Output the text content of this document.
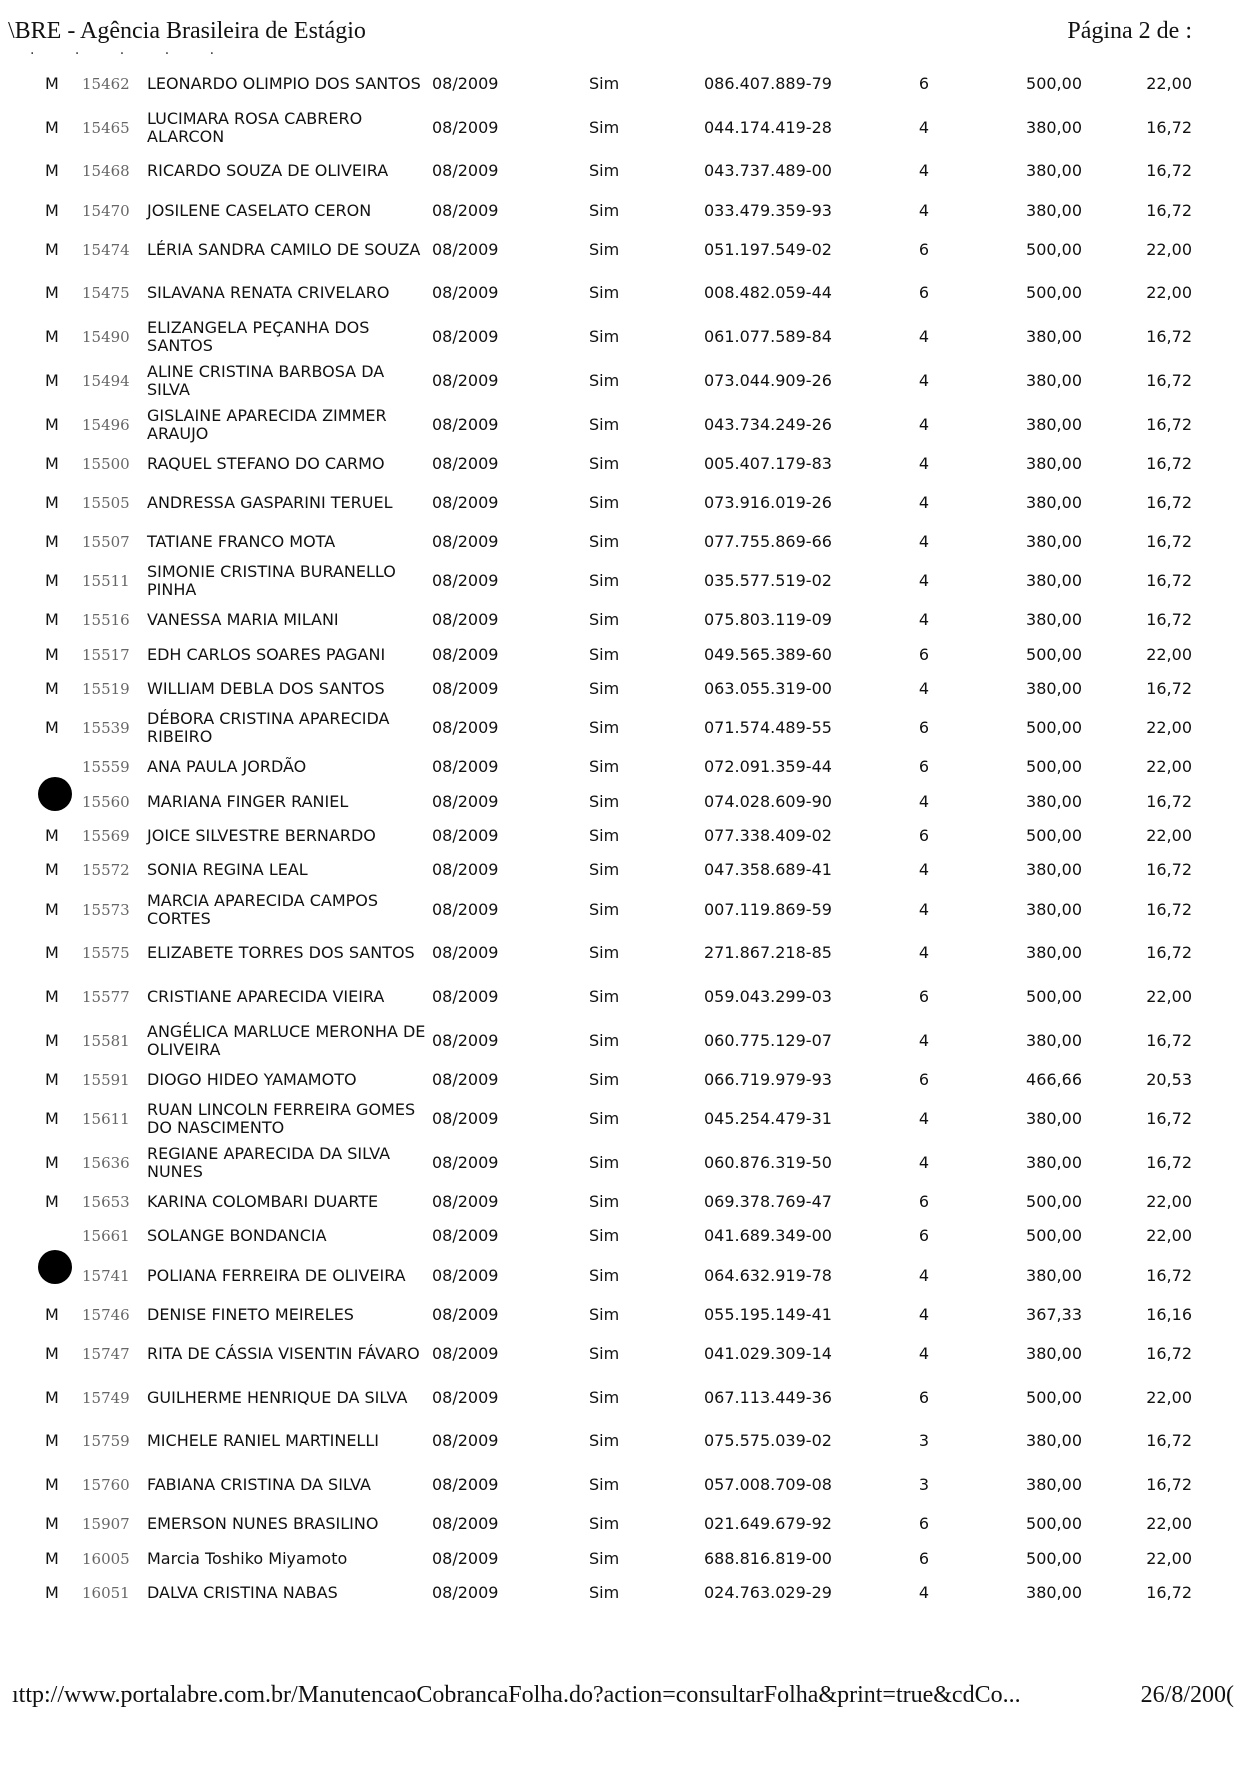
\BRE - Agência Brasileira de Estágio	Página 2 de :
· · · · ·
M	15462	LEONARDO OLIMPIO DOS SANTOS	08/2009	Sim	086.407.889-79	6	500,00	22,00
M	15465	LUCIMARA ROSA CABRERO ALARCON	08/2009	Sim	044.174.419-28	4	380,00	16,72
M	15468	RICARDO SOUZA DE OLIVEIRA	08/2009	Sim	043.737.489-00	4	380,00	16,72
M	15470	JOSILENE CASELATO CERON	08/2009	Sim	033.479.359-93	4	380,00	16,72
M	15474	LÉRIA SANDRA CAMILO DE SOUZA	08/2009	Sim	051.197.549-02	6	500,00	22,00
M	15475	SILAVANA RENATA CRIVELARO	08/2009	Sim	008.482.059-44	6	500,00	22,00
M	15490	ELIZANGELA PEÇANHA DOS SANTOS	08/2009	Sim	061.077.589-84	4	380,00	16,72
M	15494	ALINE CRISTINA BARBOSA DA SILVA	08/2009	Sim	073.044.909-26	4	380,00	16,72
M	15496	GISLAINE APARECIDA ZIMMER ARAUJO	08/2009	Sim	043.734.249-26	4	380,00	16,72
M	15500	RAQUEL STEFANO DO CARMO	08/2009	Sim	005.407.179-83	4	380,00	16,72
M	15505	ANDRESSA GASPARINI TERUEL	08/2009	Sim	073.916.019-26	4	380,00	16,72
M	15507	TATIANE FRANCO MOTA	08/2009	Sim	077.755.869-66	4	380,00	16,72
M	15511	SIMONIE CRISTINA BURANELLO PINHA	08/2009	Sim	035.577.519-02	4	380,00	16,72
M	15516	VANESSA MARIA MILANI	08/2009	Sim	075.803.119-09	4	380,00	16,72
M	15517	EDH CARLOS SOARES PAGANI	08/2009	Sim	049.565.389-60	6	500,00	22,00
M	15519	WILLIAM DEBLA DOS SANTOS	08/2009	Sim	063.055.319-00	4	380,00	16,72
M	15539	DÉBORA CRISTINA APARECIDA RIBEIRO	08/2009	Sim	071.574.489-55	6	500,00	22,00
	15559	ANA PAULA JORDÃO	08/2009	Sim	072.091.359-44	6	500,00	22,00
	15560	MARIANA FINGER RANIEL	08/2009	Sim	074.028.609-90	4	380,00	16,72
M	15569	JOICE SILVESTRE BERNARDO	08/2009	Sim	077.338.409-02	6	500,00	22,00
M	15572	SONIA REGINA LEAL	08/2009	Sim	047.358.689-41	4	380,00	16,72
M	15573	MARCIA APARECIDA CAMPOS CORTES	08/2009	Sim	007.119.869-59	4	380,00	16,72
M	15575	ELIZABETE TORRES DOS SANTOS	08/2009	Sim	271.867.218-85	4	380,00	16,72
M	15577	CRISTIANE APARECIDA VIEIRA	08/2009	Sim	059.043.299-03	6	500,00	22,00
M	15581	ANGÉLICA MARLUCE MERONHA DE OLIVEIRA	08/2009	Sim	060.775.129-07	4	380,00	16,72
M	15591	DIOGO HIDEO YAMAMOTO	08/2009	Sim	066.719.979-93	6	466,66	20,53
M	15611	RUAN LINCOLN FERREIRA GOMES DO NASCIMENTO	08/2009	Sim	045.254.479-31	4	380,00	16,72
M	15636	REGIANE APARECIDA DA SILVA NUNES	08/2009	Sim	060.876.319-50	4	380,00	16,72
M	15653	KARINA COLOMBARI DUARTE	08/2009	Sim	069.378.769-47	6	500,00	22,00
	15661	SOLANGE BONDANCIA	08/2009	Sim	041.689.349-00	6	500,00	22,00
	15741	POLIANA FERREIRA DE OLIVEIRA	08/2009	Sim	064.632.919-78	4	380,00	16,72
M	15746	DENISE FINETO MEIRELES	08/2009	Sim	055.195.149-41	4	367,33	16,16
M	15747	RITA DE CÁSSIA VISENTIN FÁVARO	08/2009	Sim	041.029.309-14	4	380,00	16,72
M	15749	GUILHERME HENRIQUE DA SILVA	08/2009	Sim	067.113.449-36	6	500,00	22,00
M	15759	MICHELE RANIEL MARTINELLI	08/2009	Sim	075.575.039-02	3	380,00	16,72
M	15760	FABIANA CRISTINA DA SILVA	08/2009	Sim	057.008.709-08	3	380,00	16,72
M	15907	EMERSON NUNES BRASILINO	08/2009	Sim	021.649.679-92	6	500,00	22,00
M	16005	Marcia Toshiko Miyamoto	08/2009	Sim	688.816.819-00	6	500,00	22,00
M	16051	DALVA CRISTINA NABAS	08/2009	Sim	024.763.029-29	4	380,00	16,72
ıttp://www.portalabre.com.br/ManutencaoCobrancaFolha.do?action=consultarFolha&print=true&cdCo...	26/8/200(
